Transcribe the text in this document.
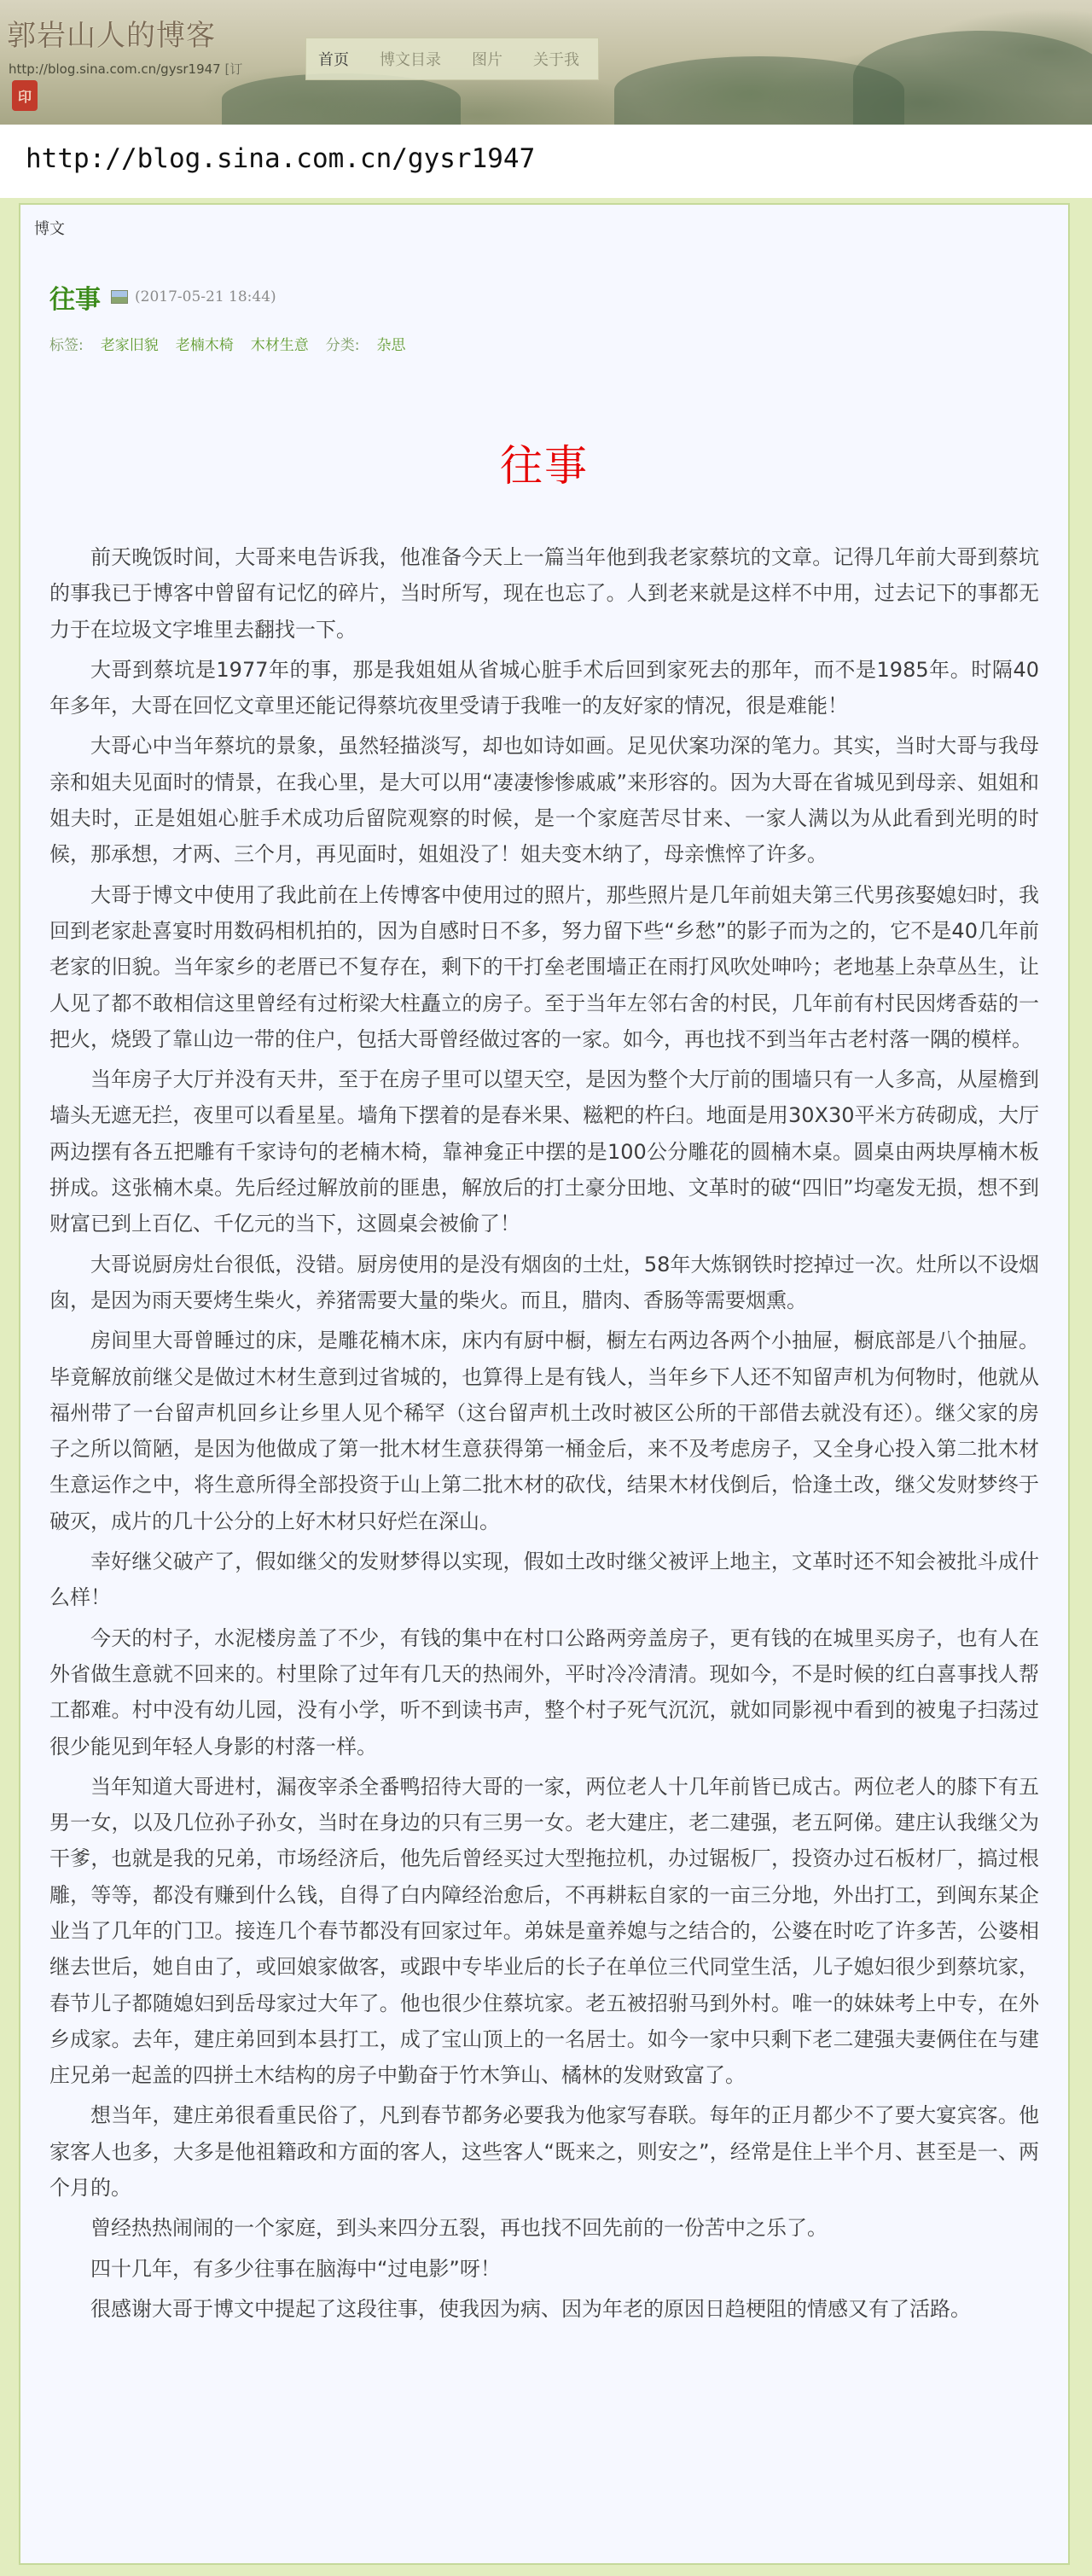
郭岩山人的博客
http://blog.sina.com.cn/gysr1947 [订
印
首页 博文目录 图片 关于我
http://blog.sina.com.cn/gysr1947
博文
往事 (2017-05-21 18:44)
标签: 老家旧貌 老楠木椅 木材生意 分类: 杂思
往事

前天晚饭时间，大哥来电告诉我，他准备今天上一篇当年他到我老家蔡坑的文章。记得几年前大哥到蔡坑的事我已于博客中曾留有记忆的碎片，当时所写，现在也忘了。人到老来就是这样不中用，过去记下的事都无力于在垃圾文字堆里去翻找一下。

大哥到蔡坑是1977年的事，那是我姐姐从省城心脏手术后回到家死去的那年，而不是1985年。时隔40年多年，大哥在回忆文章里还能记得蔡坑夜里受请于我唯一的友好家的情况，很是难能！

大哥心中当年蔡坑的景象，虽然轻描淡写，却也如诗如画。足见伏案功深的笔力。其实，当时大哥与我母亲和姐夫见面时的情景，在我心里，是大可以用“凄凄惨惨戚戚”来形容的。因为大哥在省城见到母亲、姐姐和姐夫时，正是姐姐心脏手术成功后留院观察的时候，是一个家庭苦尽甘来、一家人满以为从此看到光明的时候，那承想，才两、三个月，再见面时，姐姐没了！姐夫变木纳了，母亲憔悴了许多。

大哥于博文中使用了我此前在上传博客中使用过的照片，那些照片是几年前姐夫第三代男孩娶媳妇时，我回到老家赴喜宴时用数码相机拍的，因为自感时日不多，努力留下些“乡愁”的影子而为之的，它不是40几年前老家的旧貌。当年家乡的老厝已不复存在，剩下的干打垒老围墙正在雨打风吹处呻吟；老地基上杂草丛生，让人见了都不敢相信这里曾经有过桁梁大柱矗立的房子。至于当年左邻右舍的村民，几年前有村民因烤香菇的一把火，烧毁了靠山边一带的住户，包括大哥曾经做过客的一家。如今，再也找不到当年古老村落一隅的模样。

当年房子大厅并没有天井，至于在房子里可以望天空，是因为整个大厅前的围墙只有一人多高，从屋檐到墙头无遮无拦，夜里可以看星星。墙角下摆着的是春米果、糍粑的杵臼。地面是用30X30平米方砖砌成，大厅两边摆有各五把雕有千家诗句的老楠木椅，靠神龛正中摆的是100公分雕花的圆楠木桌。圆桌由两块厚楠木板拼成。这张楠木桌。先后经过解放前的匪患，解放后的打土豪分田地、文革时的破“四旧”均毫发无损，想不到财富已到上百亿、千亿元的当下，这圆桌会被偷了！

大哥说厨房灶台很低，没错。厨房使用的是没有烟囱的土灶，58年大炼钢铁时挖掉过一次。灶所以不设烟囱，是因为雨天要烤生柴火，养猪需要大量的柴火。而且，腊肉、香肠等需要烟熏。

房间里大哥曾睡过的床，是雕花楠木床，床内有厨中橱，橱左右两边各两个小抽屉，橱底部是八个抽屉。毕竟解放前继父是做过木材生意到过省城的，也算得上是有钱人，当年乡下人还不知留声机为何物时，他就从福州带了一台留声机回乡让乡里人见个稀罕（这台留声机土改时被区公所的干部借去就没有还）。继父家的房子之所以简陋，是因为他做成了第一批木材生意获得第一桶金后，来不及考虑房子，又全身心投入第二批木材生意运作之中，将生意所得全部投资于山上第二批木材的砍伐，结果木材伐倒后，恰逢土改，继父发财梦终于破灭，成片的几十公分的上好木材只好烂在深山。

幸好继父破产了，假如继父的发财梦得以实现，假如土改时继父被评上地主，文革时还不知会被批斗成什么样！

今天的村子，水泥楼房盖了不少，有钱的集中在村口公路两旁盖房子，更有钱的在城里买房子，也有人在外省做生意就不回来的。村里除了过年有几天的热闹外，平时冷冷清清。现如今，不是时候的红白喜事找人帮工都难。村中没有幼儿园，没有小学，听不到读书声，整个村子死气沉沉，就如同影视中看到的被鬼子扫荡过很少能见到年轻人身影的村落一样。

当年知道大哥进村，漏夜宰杀全番鸭招待大哥的一家，两位老人十几年前皆已成古。两位老人的膝下有五男一女，以及几位孙子孙女，当时在身边的只有三男一女。老大建庄，老二建强，老五阿俤。建庄认我继父为干爹，也就是我的兄弟，市场经济后，他先后曾经买过大型拖拉机，办过锯板厂，投资办过石板材厂，搞过根雕，等等，都没有赚到什么钱，自得了白内障经治愈后，不再耕耘自家的一亩三分地，外出打工，到闽东某企业当了几年的门卫。接连几个春节都没有回家过年。弟妹是童养媳与之结合的，公婆在时吃了许多苦，公婆相继去世后，她自由了，或回娘家做客，或跟中专毕业后的长子在单位三代同堂生活，儿子媳妇很少到蔡坑家，春节儿子都随媳妇到岳母家过大年了。他也很少住蔡坑家。老五被招驸马到外村。唯一的妹妹考上中专，在外乡成家。去年，建庄弟回到本县打工，成了宝山顶上的一名居士。如今一家中只剩下老二建强夫妻俩住在与建庄兄弟一起盖的四拼土木结构的房子中勤奋于竹木笋山、橘林的发财致富了。

想当年，建庄弟很看重民俗了，凡到春节都务必要我为他家写春联。每年的正月都少不了要大宴宾客。他家客人也多，大多是他祖籍政和方面的客人，这些客人“既来之，则安之”，经常是住上半个月、甚至是一、两个月的。

曾经热热闹闹的一个家庭，到头来四分五裂，再也找不回先前的一份苦中之乐了。

四十几年，有多少往事在脑海中“过电影”呀！

很感谢大哥于博文中提起了这段往事，使我因为病、因为年老的原因日趋梗阻的情感又有了活路。
